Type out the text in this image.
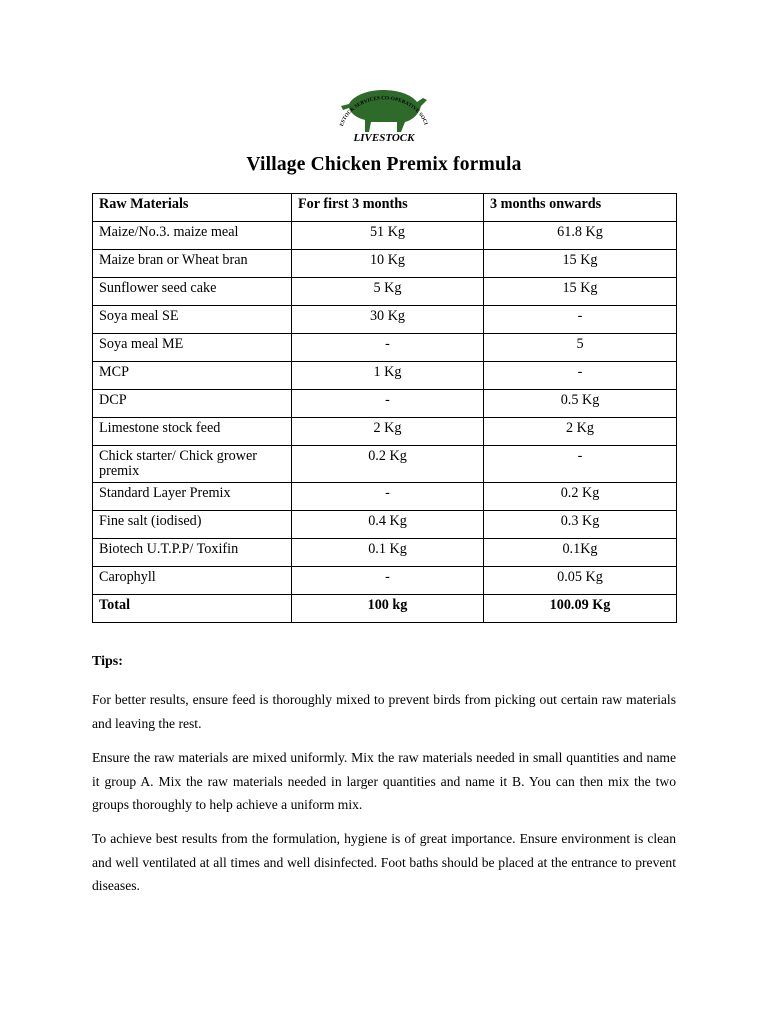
ESTOCK SERVICES CO-OPERATIVE SOCI
LIVESTOCK
Village Chicken Premix formula
Raw Materials	For first 3 months	3 months onwards
Maize/No.3. maize meal	51 Kg	61.8 Kg
Maize bran or Wheat bran	10 Kg	15 Kg
Sunflower seed cake	5 Kg	15 Kg
Soya meal SE	30 Kg	-
Soya meal ME	-	5
MCP	1 Kg	-
DCP	-	0.5 Kg
Limestone stock feed	2 Kg	2 Kg
Chick starter/ Chick grower premix	0.2 Kg	-
Standard Layer Premix	-	0.2 Kg
Fine salt (iodised)	0.4 Kg	0.3 Kg
Biotech U.T.P.P/ Toxifin	0.1 Kg	0.1Kg
Carophyll	-	0.05 Kg
Total	100 kg	100.09 Kg
Tips:
For better results, ensure feed is thoroughly mixed to prevent birds from picking out certain raw materials and leaving the rest.
Ensure the raw materials are mixed uniformly. Mix the raw materials needed in small quantities and name it group A. Mix the raw materials needed in larger quantities and name it B. You can then mix the two groups thoroughly to help achieve a uniform mix.
To achieve best results from the formulation, hygiene is of great importance. Ensure environment is clean and well ventilated at all times and well disinfected. Foot baths should be placed at the entrance to prevent diseases.
